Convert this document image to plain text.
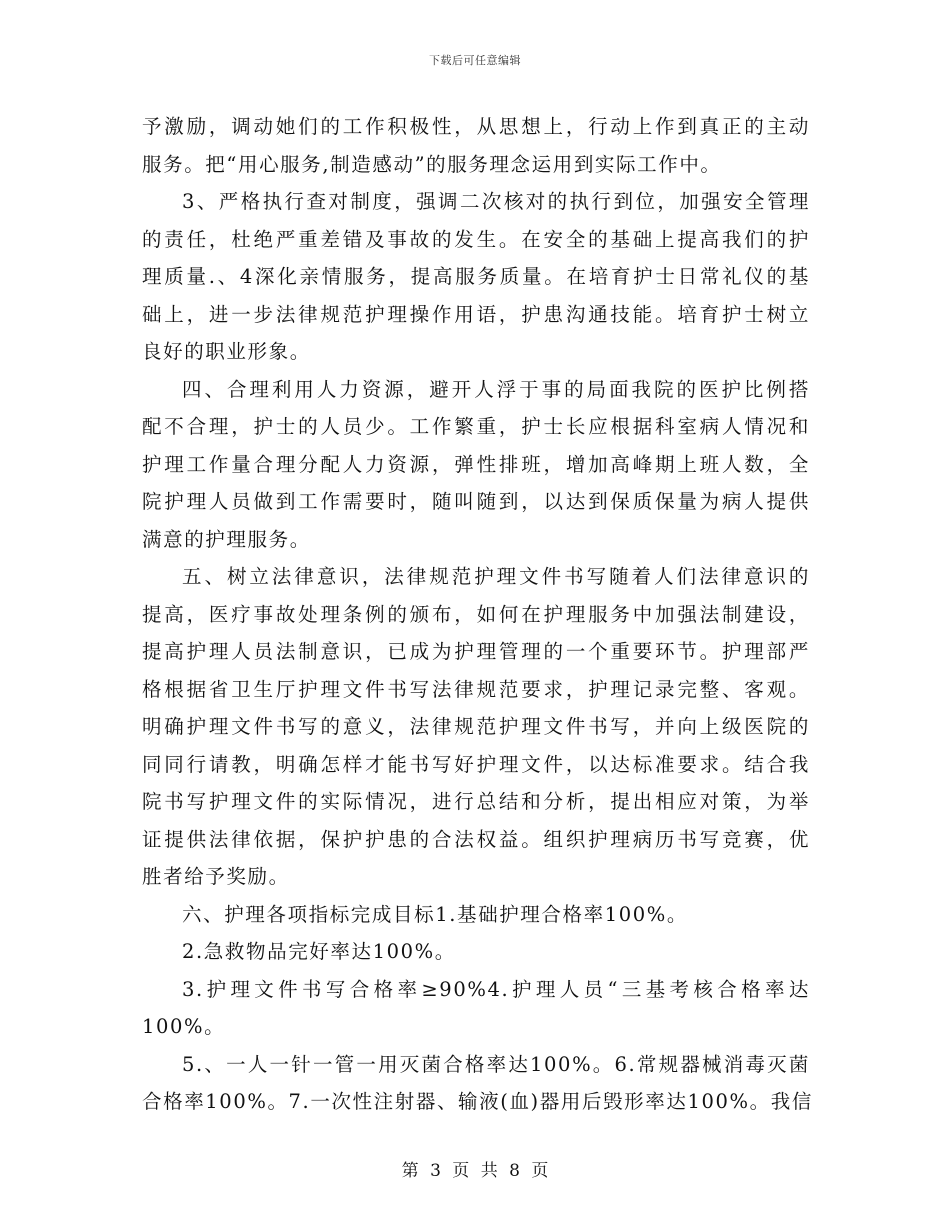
下载后可任意编辑
予激励，调动她们的工作积极性，从思想上，行动上作到真正的主动
服务。把“用心服务,制造感动”的服务理念运用到实际工作中。
3、严格执行查对制度，强调二次核对的执行到位，加强安全管理
的责任，杜绝严重差错及事故的发生。在安全的基础上提高我们的护
理质量.、4深化亲情服务，提高服务质量。在培育护士日常礼仪的基
础上，进一步法律规范护理操作用语，护患沟通技能。培育护士树立
良好的职业形象。
四、合理利用人力资源，避开人浮于事的局面我院的医护比例搭
配不合理，护士的人员少。工作繁重，护士长应根据科室病人情况和
护理工作量合理分配人力资源，弹性排班，增加高峰期上班人数，全
院护理人员做到工作需要时，随叫随到，以达到保质保量为病人提供
满意的护理服务。
五、树立法律意识，法律规范护理文件书写随着人们法律意识的
提高，医疗事故处理条例的颁布，如何在护理服务中加强法制建设，
提高护理人员法制意识，已成为护理管理的一个重要环节。护理部严
格根据省卫生厅护理文件书写法律规范要求，护理记录完整、客观。
明确护理文件书写的意义，法律规范护理文件书写，并向上级医院的
同同行请教，明确怎样才能书写好护理文件，以达标准要求。结合我
院书写护理文件的实际情况，进行总结和分析，提出相应对策，为举
证提供法律依据，保护护患的合法权益。组织护理病历书写竞赛，优
胜者给予奖励。
六、护理各项指标完成目标1.基础护理合格率100%。
2.急救物品完好率达100%。
3.护理文件书写合格率≥90%4.护理人员“三基考核合格率达
100%。
5.、一人一针一管一用灭菌合格率达100%。6.常规器械消毒灭菌
合格率100%。7.一次性注射器、输液(血)器用后毁形率达100%。我信
第 3 页 共 8 页
